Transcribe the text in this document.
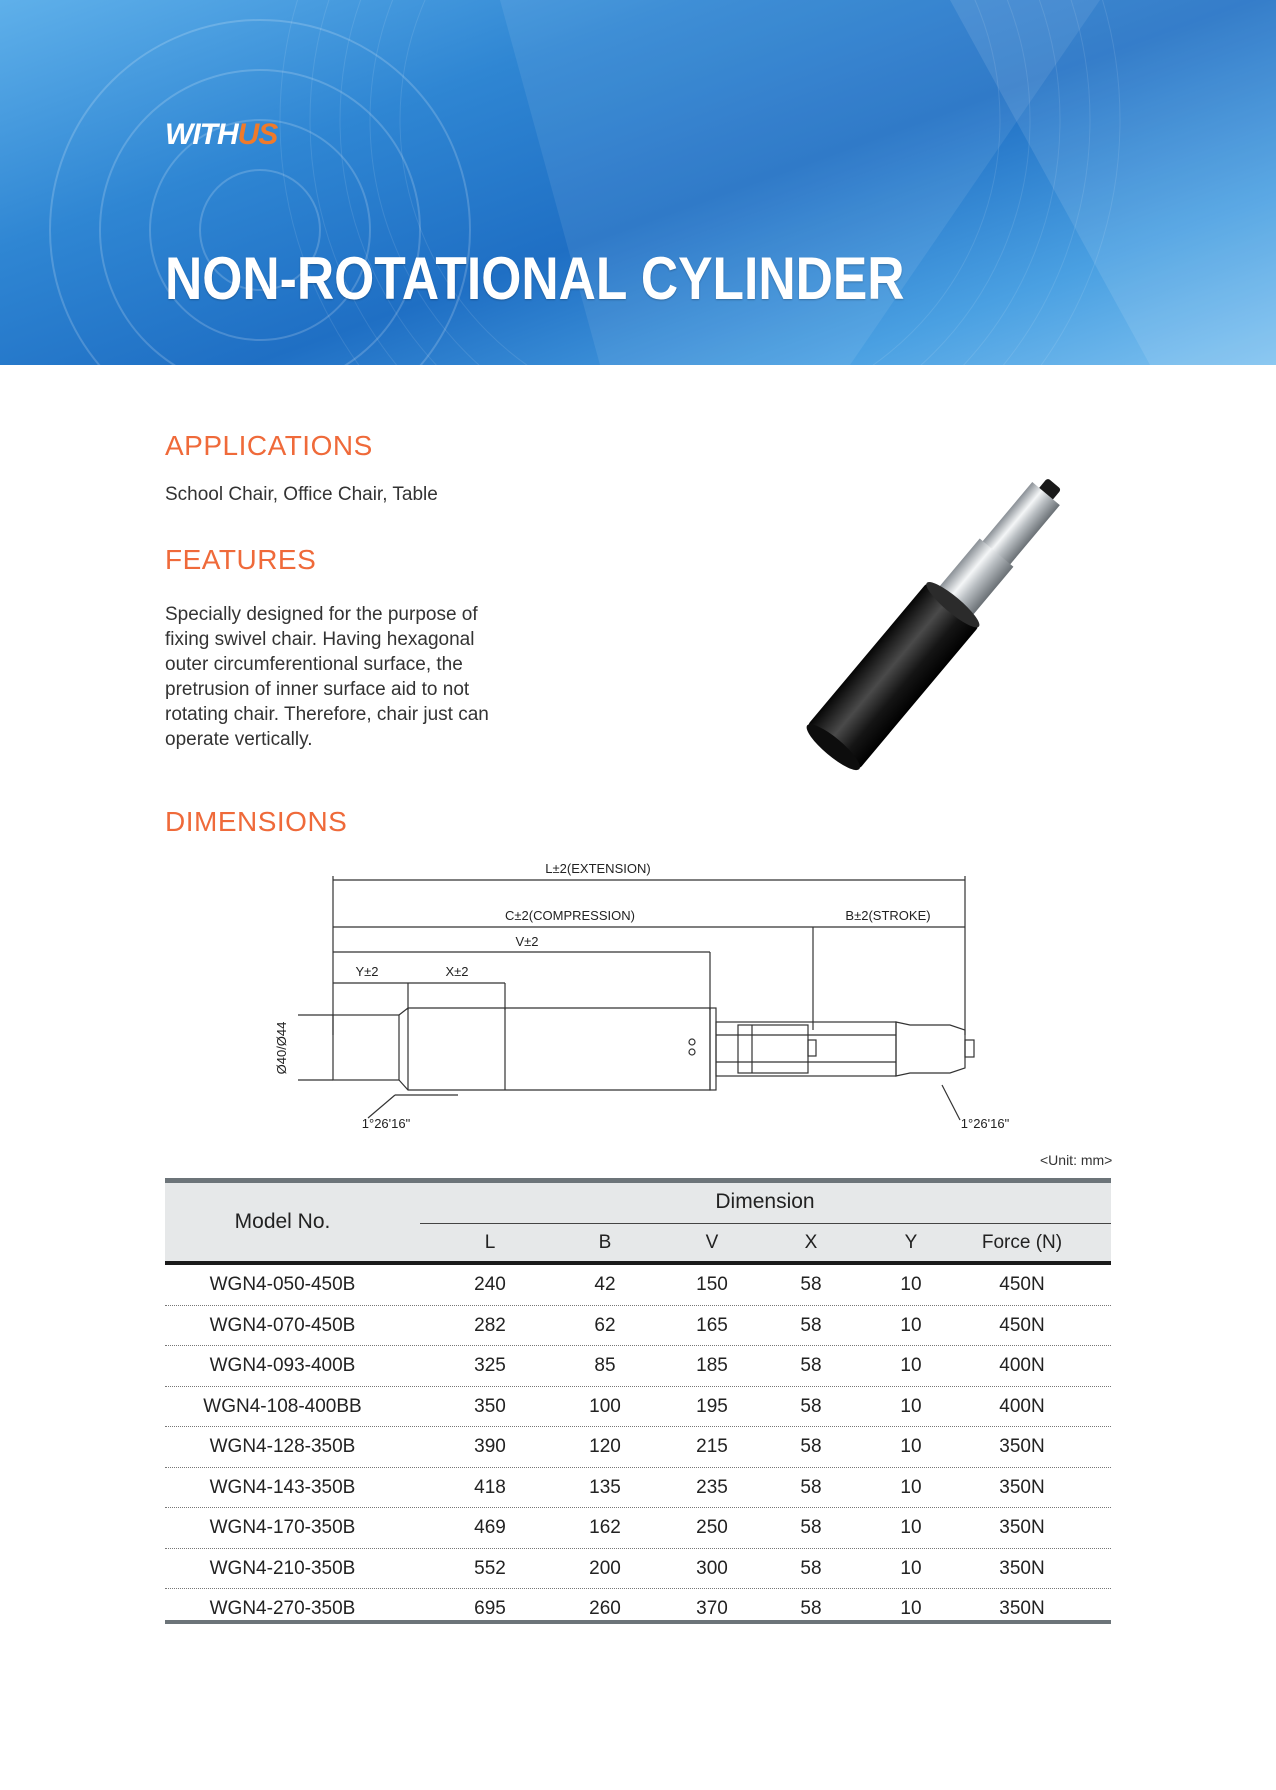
WITHUS
NON-ROTATIONAL CYLINDER
APPLICATIONS
School Chair, Office Chair, Table
FEATURES
Specially designed for the purpose of fixing swivel chair. Having hexagonal outer circumferentional surface, the pretrusion of inner surface aid to not rotating chair. Therefore, chair just can operate vertically.
DIMENSIONS
L±2(EXTENSION)
C±2(COMPRESSION)	B±2(STROKE)
V±2
Y±2	X±2
Ø40/Ø44
1°26'16"	1°26'16"
<Unit: mm>
Model No.
Dimension
L	B	V	X	Y	Force (N)
WGN4-050-450B	240	42	150	58	10	450N
WGN4-070-450B	282	62	165	58	10	450N
WGN4-093-400B	325	85	185	58	10	400N
WGN4-108-400BB	350	100	195	58	10	400N
WGN4-128-350B	390	120	215	58	10	350N
WGN4-143-350B	418	135	235	58	10	350N
WGN4-170-350B	469	162	250	58	10	350N
WGN4-210-350B	552	200	300	58	10	350N
WGN4-270-350B	695	260	370	58	10	350N
